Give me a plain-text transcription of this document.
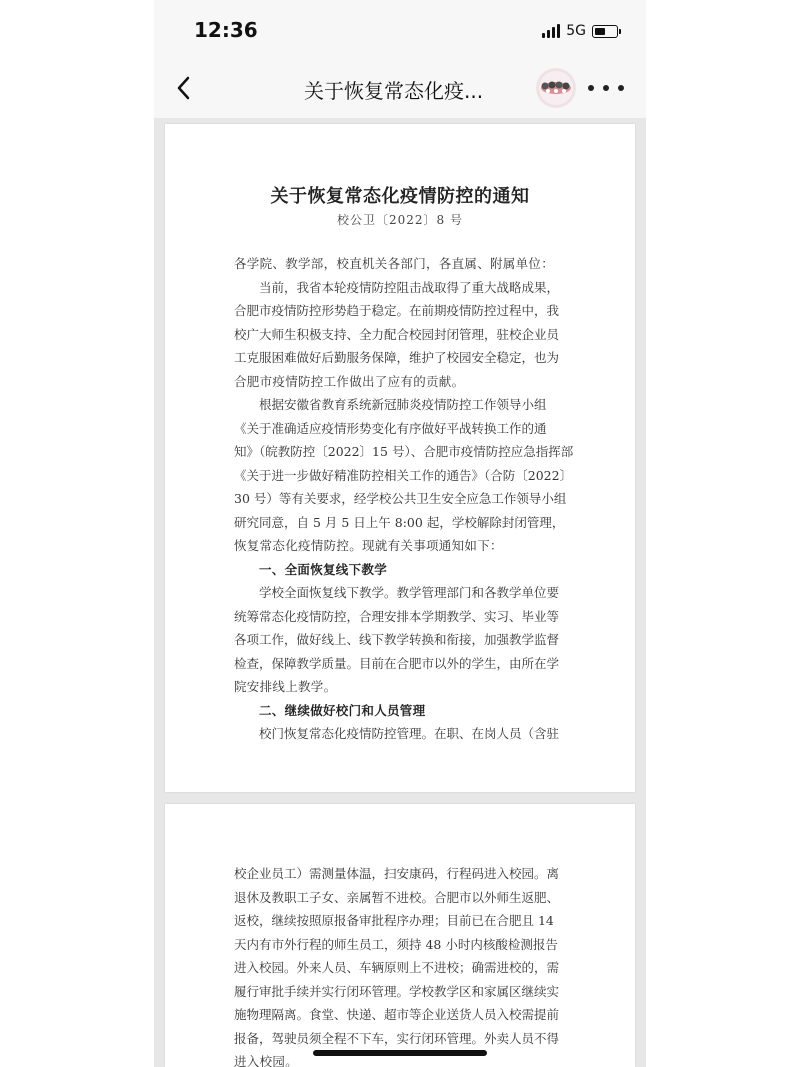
12:36	5G
关于恢复常态化疫...
关于恢复常态化疫情防控的通知
校公卫〔2022〕8 号
各学院、教学部，校直机关各部门，各直属、附属单位：
当前，我省本轮疫情防控阻击战取得了重大战略成果，
合肥市疫情防控形势趋于稳定。在前期疫情防控过程中，我
校广大师生积极支持、全力配合校园封闭管理，驻校企业员
工克服困难做好后勤服务保障，维护了校园安全稳定，也为
合肥市疫情防控工作做出了应有的贡献。
根据安徽省教育系统新冠肺炎疫情防控工作领导小组
《关于准确适应疫情形势变化有序做好平战转换工作的通
知》（皖教防控〔2022〕15 号）、合肥市疫情防控应急指挥部
《关于进一步做好精准防控相关工作的通告》（合防〔2022〕
30 号）等有关要求，经学校公共卫生安全应急工作领导小组
研究同意，自 5 月 5 日上午 8:00 起，学校解除封闭管理，
恢复常态化疫情防控。现就有关事项通知如下：
一、全面恢复线下教学
学校全面恢复线下教学。教学管理部门和各教学单位要
统筹常态化疫情防控，合理安排本学期教学、实习、毕业等
各项工作，做好线上、线下教学转换和衔接，加强教学监督
检查，保障教学质量。目前在合肥市以外的学生，由所在学
院安排线上教学。
二、继续做好校门和人员管理
校门恢复常态化疫情防控管理。在职、在岗人员（含驻
校企业员工）需测量体温，扫安康码，行程码进入校园。离
退休及教职工子女、亲属暂不进校。合肥市以外师生返肥、
返校，继续按照原报备审批程序办理；目前已在合肥且 14
天内有市外行程的师生员工，须持 48 小时内核酸检测报告
进入校园。外来人员、车辆原则上不进校；确需进校的，需
履行审批手续并实行闭环管理。学校教学区和家属区继续实
施物理隔离。食堂、快递、超市等企业送货人员入校需提前
报备，驾驶员须全程不下车，实行闭环管理。外卖人员不得
进入校园。
